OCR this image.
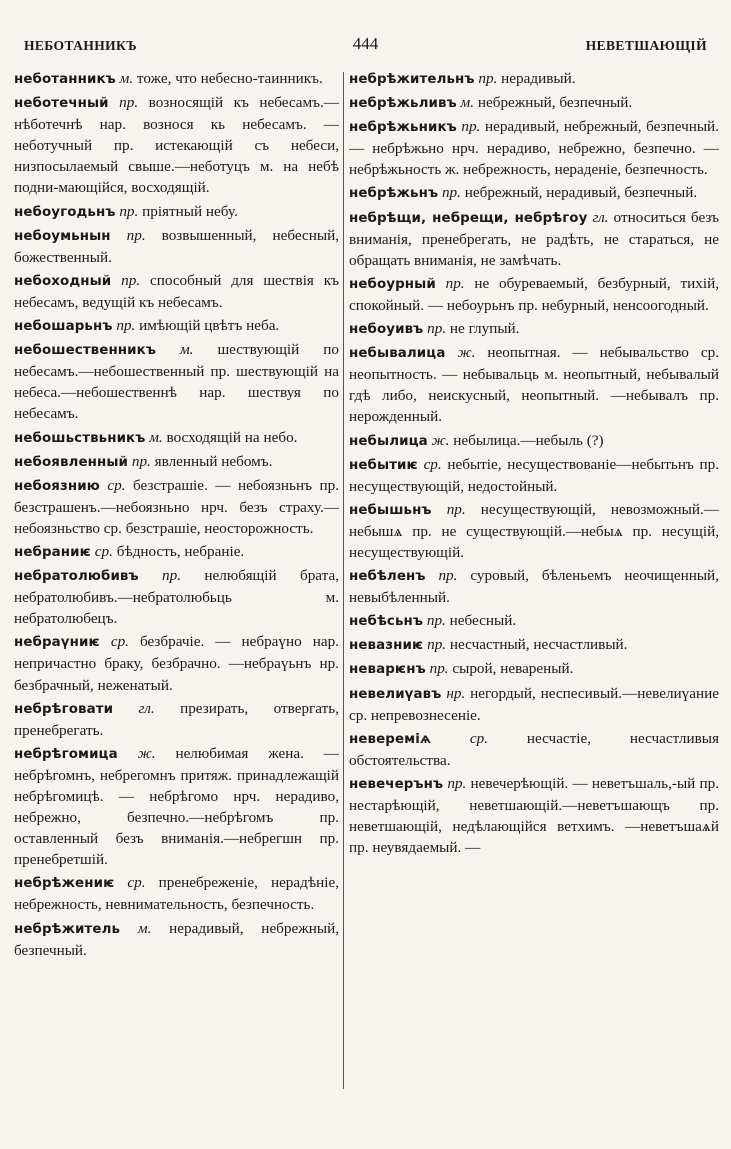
НЕБОТАННИКЪ	444	НЕВЕТШАЮЩІЙ

неботанникъ м. тоже, что небесно-таинникъ.

неботечный пр. возносящій къ небесамъ.—нѣботечнѣ нар. вознося кь небесамъ. — неботучный пр. истекающій съ небеси, низпосылаемый свыше.—неботуцъ м. на небѣ подни-мающійся, восходящій.

небоугодьнъ пр. пріятный небу.

небоумьнын пр. возвышенный, небесный, божественный.

небоходный пр. способный для шествія къ небесамъ, ведущій къ небесамъ.

небошарьнъ пр. имѣющій цвѣтъ неба.

небошественникъ м. шествующій по небесамъ.—небошественный пр. шествующій на небеса.—небошественнѣ нар. шествуя по небесамъ.

небошьствьникъ м. восходящій на небо.

небоявленный пр. явленный небомъ.

небоязнию ср. безстрашіе. — небоязньнъ пр. безстрашенъ.—небоязньно нрч. безъ страху.—небоязньство ср. безстрашіе, неосторожность.

небраниѥ ср. бѣдность, небраніе.

небратолюбивъ пр. нелюбящій брата, небратолюбивъ.—небратолюбьць м. небратолюбецъ.

небраүниѥ ср. безбрачіе. — небраүно нар. непричастно браку, безбрачно. —небраүьнъ нр. безбрачный, неженатый.

небрѣговати гл. презирать, отвергать, пренебрегать.

небрѣгомица ж. нелюбимая жена. — небрѣгомнъ, небрегомнъ притяж. принадлежащій небрѣгомицѣ. — небрѣгомо нрч. нерадиво, небрежно, безпечно.—небрѣгомъ пр. оставленный безъ вниманія.—небрегшн пр. пренебретшій.

небрѣжениѥ ср. пренебреженіе, нерадѣніе, небрежность, невнимательность, безпечность.

небрѣжитель м. нерадивый, небрежный, безпечный.

небрѣжительнъ пр. нерадивый.

небрѣжьливъ м. небрежный, безпечный.

небрѣжьникъ пр. нерадивый, небрежный, безпечный. — небрѣжьно нрч. нерадиво, небрежно, безпечно. — небрѣжьность ж. небрежность, нераденіе, безпечность.

небрѣжьнъ пр. небрежный, нерадивый, безпечный.

небрѣщи, небрещи, небрѣгоу гл. относиться безъ вниманія, пренебрегать, не радѣть, не стараться, не обращать вниманія, не замѣчать.

небоурный пр. не обуреваемый, безбурный, тихій, спокойный. — небоурьнъ пр. небурный, ненсоогодный.

небоуивъ пр. не глупый.

небывалица ж. неопытная. — небывальство ср. неопытность. — небывальць м. неопытный, небывалый гдѣ либо, неискусный, неопытный. —небывалъ пр. нерожденный.

небылица ж. небылица.—небыль (?)

небытиѥ ср. небытіе, несуществованіе—небытьнъ пр. несуществующій, недостойный.

небышьнъ пр. несуществующій, невозможный.— небышѧ пр. не существующій.—небыѧ пр. несущій, несуществующій.

небѣленъ пр. суровый, бѣленьемъ неочищенный, невыбѣленный.

небѣсьнъ пр. небесный.

невазниѥ пр. несчастный, несчастливый.

неварѥнъ пр. сырой, невареный.

невелиүавъ нр. негордый, неспесивый.—невелиүание ср. непревознесеніе.

невереміѧ ср. несчастіе, несчастливыя обстоятельства.

невечерънъ пр. невечерѣющій. — неветъшаль,-ый пр. нестарѣющій, неветшающій.—неветъшающъ пр. неветшающій, недѣлающійся ветхимъ. —неветъшаѧй пр. неувядаемый. —
